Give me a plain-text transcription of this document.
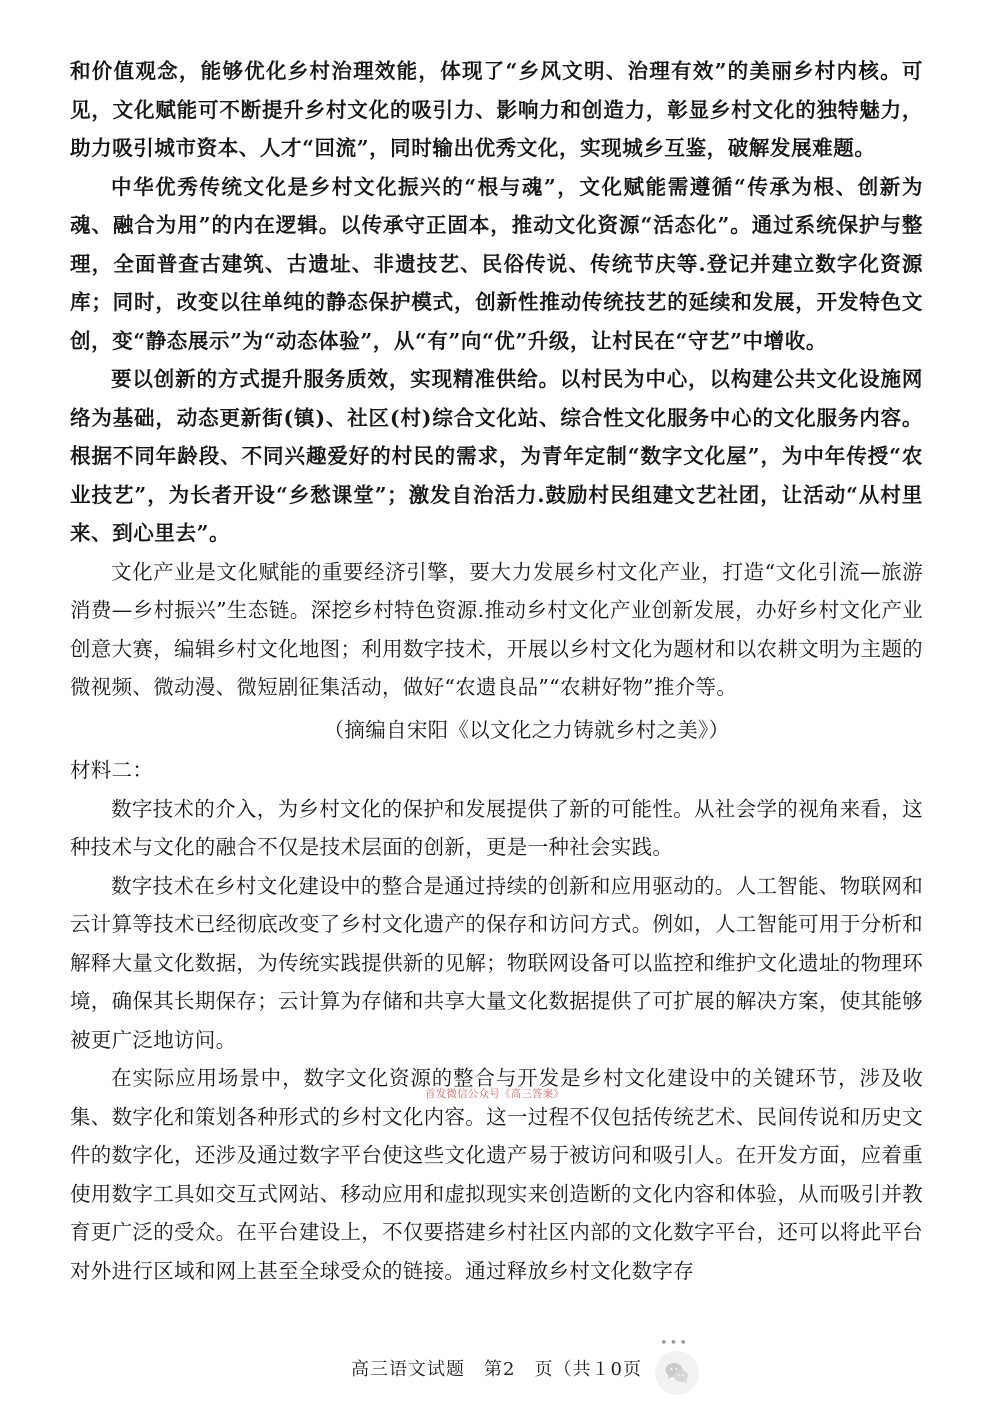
和价值观念，能够优化乡村治理效能，体现了“乡风文明、治理有效”的美丽乡村内核。可见，文化赋能可不断提升乡村文化的吸引力、影响力和创造力，彰显乡村文化的独特魅力，助力吸引城市资本、人才“回流”，同时输出优秀文化，实现城乡互鉴，破解发展难题。

中华优秀传统文化是乡村文化振兴的“根与魂”，文化赋能需遵循“传承为根、创新为魂、融合为用”的内在逻辑。以传承守正固本，推动文化资源“活态化”。通过系统保护与整理，全面普查古建筑、古遗址、非遗技艺、民俗传说、传统节庆等.登记并建立数字化资源库；同时，改变以往单纯的静态保护模式，创新性推动传统技艺的延续和发展，开发特色文创，变“静态展示”为“动态体验”，从“有”向“优”升级，让村民在“守艺”中增收。

要以创新的方式提升服务质效，实现精准供给。以村民为中心，以构建公共文化设施网络为基础，动态更新街(镇)、社区(村)综合文化站、综合性文化服务中心的文化服务内容。根据不同年龄段、不同兴趣爱好的村民的需求，为青年定制“数字文化屋”，为中年传授“农业技艺”，为长者开设“乡愁课堂”；激发自治活力.鼓励村民组建文艺社团，让活动“从村里来、到心里去”。

文化产业是文化赋能的重要经济引擎，要大力发展乡村文化产业，打造“文化引流—旅游消费—乡村振兴”生态链。深挖乡村特色资源.推动乡村文化产业创新发展，办好乡村文化产业创意大赛，编辑乡村文化地图；利用数字技术，开展以乡村文化为题材和以农耕文明为主题的微视频、微动漫、微短剧征集活动，做好“农遗良品”“农耕好物”推介等。

（摘编自宋阳《以文化之力铸就乡村之美》）

材料二：

数字技术的介入，为乡村文化的保护和发展提供了新的可能性。从社会学的视角来看，这种技术与文化的融合不仅是技术层面的创新，更是一种社会实践。

数字技术在乡村文化建设中的整合是通过持续的创新和应用驱动的。人工智能、物联网和云计算等技术已经彻底改变了乡村文化遗产的保存和访问方式。例如，人工智能可用于分析和解释大量文化数据，为传统实践提供新的见解；物联网设备可以监控和维护文化遗址的物理环境，确保其长期保存；云计算为存储和共享大量文化数据提供了可扩展的解决方案，使其能够被更广泛地访问。

在实际应用场景中，数字文化资源的整合与开发是乡村文化建设中的关键环节，涉及收集、数字化和策划各种形式的乡村文化内容。这一过程不仅包括传统艺术、民间传说和历史文件的数字化，还涉及通过数字平台使这些文化遗产易于被访问和吸引人。在开发方面，应着重使用数字工具如交互式网站、移动应用和虚拟现实来创造断的文化内容和体验，从而吸引并教育更广泛的受众。在平台建设上，不仅要搭建乡村社区内部的文化数字平台，还可以将此平台对外进行区域和网上甚至全球受众的链接。通过释放乡村文化数字存

首发微信公众号《高三答案》
•••
高三语文试题　第2　页（共１0页
